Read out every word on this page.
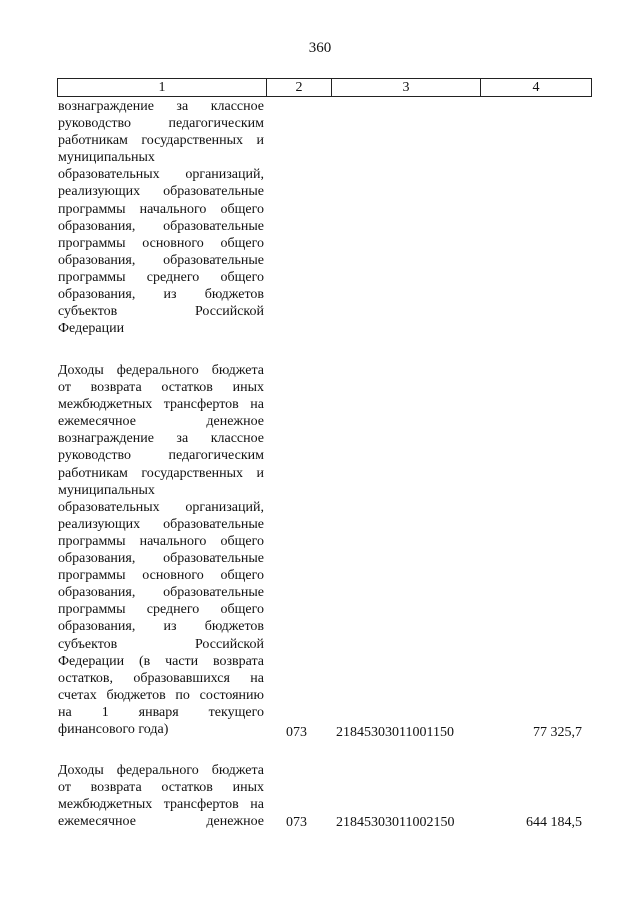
360
1	2	3	4
вознаграждение за классное
руководство педагогическим
работникам государственных и
муниципальных
образовательных организаций,
реализующих образовательные
программы начального общего
образования, образовательные
программы основного общего
образования, образовательные
программы среднего общего
образования, из бюджетов
субъектов Российской
Федерации
Доходы федерального бюджета
от возврата остатков иных
межбюджетных трансфертов на
ежемесячное денежное
вознаграждение за классное
руководство педагогическим
работникам государственных и
муниципальных
образовательных организаций,
реализующих образовательные
программы начального общего
образования, образовательные
программы основного общего
образования, образовательные
программы среднего общего
образования, из бюджетов
субъектов Российской
Федерации (в части возврата
остатков, образовавшихся на
счетах бюджетов по состоянию
на 1 января текущего
финансового года)	073 21845303011001150	77 325,7
Доходы федерального бюджета
от возврата остатков иных
межбюджетных трансфертов на
ежемесячное денежное 073 21845303011002150	644 184,5
